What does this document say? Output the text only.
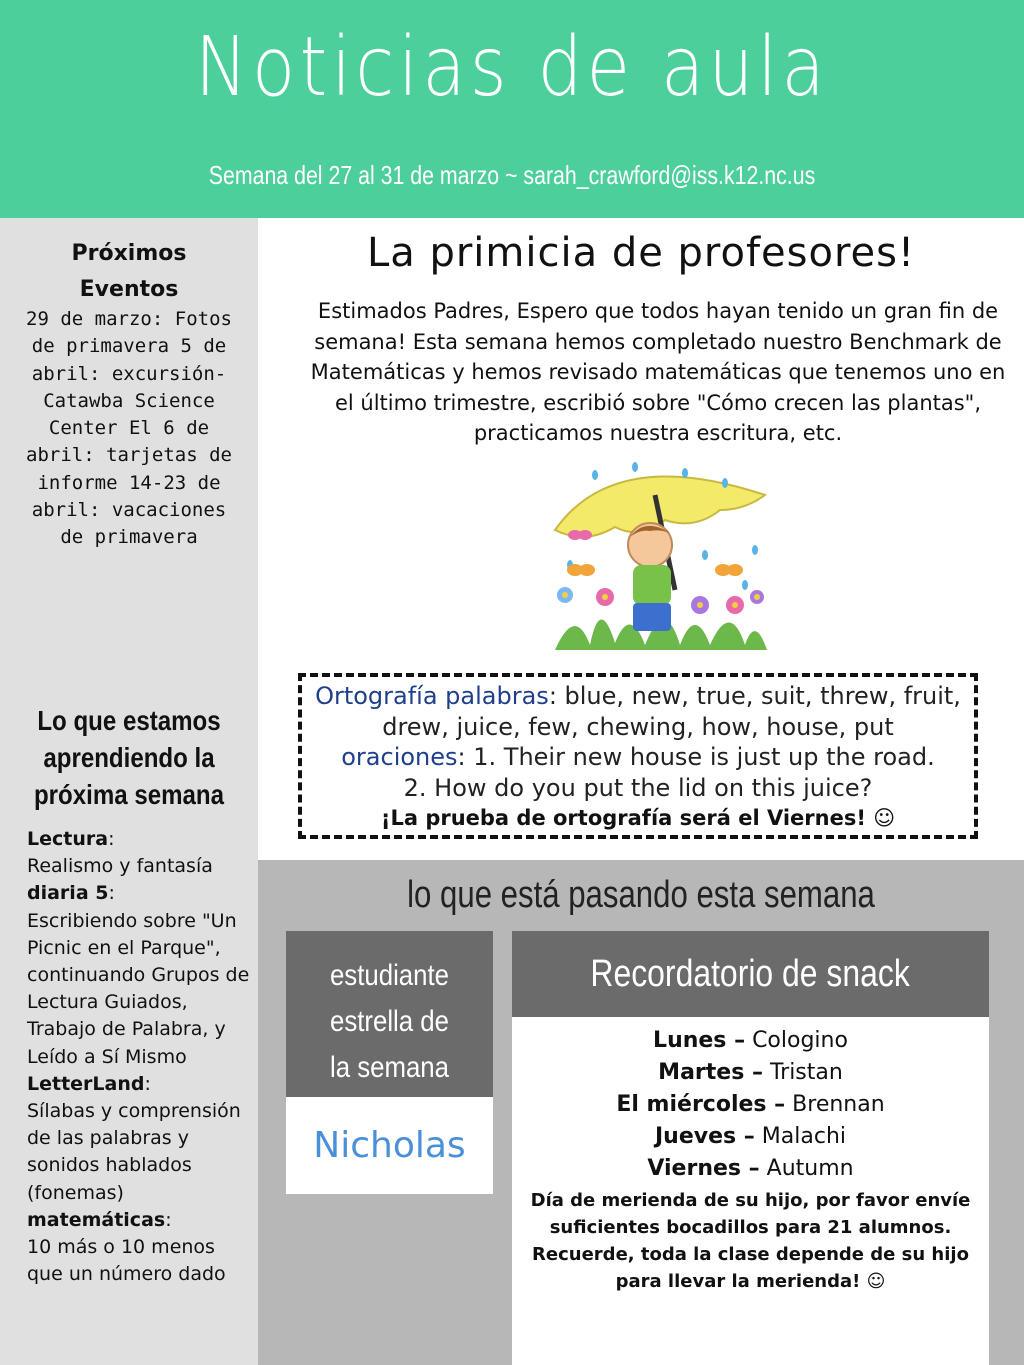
Noticias de aula
Semana del 27 al 31 de marzo ~ sarah_crawford@iss.k12.nc.us
Próximos
Eventos
29 de marzo: Fotos de primavera 5 de abril: excursión-Catawba Science Center El 6 de abril: tarjetas de informe 14-23 de abril: vacaciones de primavera
Lo que estamos aprendiendo la próxima semana
Lectura:
Realismo y fantasía
diaria 5:
Escribiendo sobre "Un Picnic en el Parque", continuando Grupos de Lectura Guiados, Trabajo de Palabra, y Leído a Sí Mismo
LetterLand:
Sílabas y comprensión de las palabras y sonidos hablados (fonemas)
matemáticas:
10 más o 10 menos que un número dado
La primicia de profesores!
Estimados Padres, Espero que todos hayan tenido un gran fin de semana! Esta semana hemos completado nuestro Benchmark de Matemáticas y hemos revisado matemáticas que tenemos uno en el último trimestre, escribió sobre "Cómo crecen las plantas", practicamos nuestra escritura, etc.
Ortografía palabras: blue, new, true, suit, threw, fruit, drew, juice, few, chewing, how, house, put
oraciones: 1. Their new house is just up the road.
2. How do you put the lid on this juice?
¡La prueba de ortografía será el Viernes! ☺
lo que está pasando esta semana
estudiante
estrella de
la semana
Nicholas
Recordatorio de snack
Lunes – Cologino
Martes – Tristan
El miércoles – Brennan
Jueves – Malachi
Viernes – Autumn
Día de merienda de su hijo, por favor envíe suficientes bocadillos para 21 alumnos. Recuerde, toda la clase depende de su hijo para llevar la merienda! ☺
